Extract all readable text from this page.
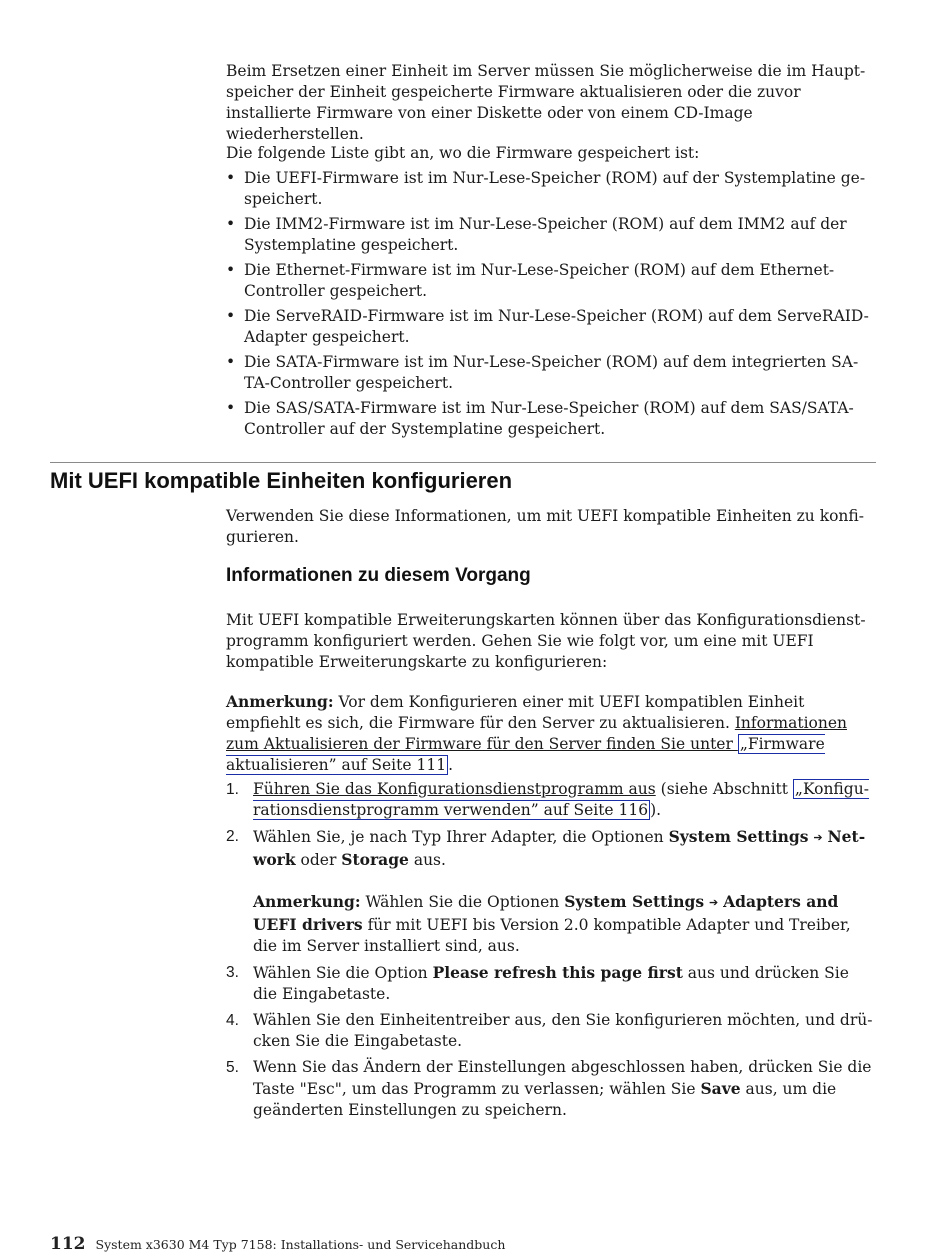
Beim Ersetzen einer Einheit im Server müssen Sie möglicherweise die im Hauptspeicher der Einheit gespeicherte Firmware aktualisieren oder die zuvor installierte Firmware von einer Diskette oder von einem CD-Image wiederherstellen.

Die folgende Liste gibt an, wo die Firmware gespeichert ist:

• Die UEFI-Firmware ist im Nur-Lese-Speicher (ROM) auf der Systemplatine gespeichert.
• Die IMM2-Firmware ist im Nur-Lese-Speicher (ROM) auf dem IMM2 auf der Systemplatine gespeichert.
• Die Ethernet-Firmware ist im Nur-Lese-Speicher (ROM) auf dem Ethernet-Controller gespeichert.
• Die ServeRAID-Firmware ist im Nur-Lese-Speicher (ROM) auf dem ServeRAID-Adapter gespeichert.
• Die SATA-Firmware ist im Nur-Lese-Speicher (ROM) auf dem integrierten SATA-Controller gespeichert.
• Die SAS/SATA-Firmware ist im Nur-Lese-Speicher (ROM) auf dem SAS/SATA-Controller auf der Systemplatine gespeichert.
Mit UEFI kompatible Einheiten konfigurieren

Verwenden Sie diese Informationen, um mit UEFI kompatible Einheiten zu konfigurieren.

Informationen zu diesem Vorgang

Mit UEFI kompatible Erweiterungskarten können über das Konfigurationsdienstprogramm konfiguriert werden. Gehen Sie wie folgt vor, um eine mit UEFI kompatible Erweiterungskarte zu konfigurieren:

Anmerkung: Vor dem Konfigurieren einer mit UEFI kompatiblen Einheit empfiehlt es sich, die Firmware für den Server zu aktualisieren. Informationen zum Aktualisieren der Firmware für den Server finden Sie unter „Firmware aktualisieren” auf Seite 111 .

1. Führen Sie das Konfigurationsdienstprogramm aus (siehe Abschnitt „Konfigurationsdienstprogramm verwenden” auf Seite 116 ).
2. Wählen Sie, je nach Typ Ihrer Adapter, die Optionen System Settings ➔ Network oder Storage aus.
Anmerkung: Wählen Sie die Optionen System Settings ➔ Adapters and UEFI drivers für mit UEFI bis Version 2.0 kompatible Adapter und Treiber, die im Server installiert sind, aus.
3. Wählen Sie die Option Please refresh this page first aus und drücken Sie die Eingabetaste.
4. Wählen Sie den Einheitentreiber aus, den Sie konfigurieren möchten, und drücken Sie die Eingabetaste.
5. Wenn Sie das Ändern der Einstellungen abgeschlossen haben, drücken Sie die Taste "Esc", um das Programm zu verlassen; wählen Sie Save aus, um die geänderten Einstellungen zu speichern.
112 System x3630 M4 Typ 7158: Installations- und Servicehandbuch
